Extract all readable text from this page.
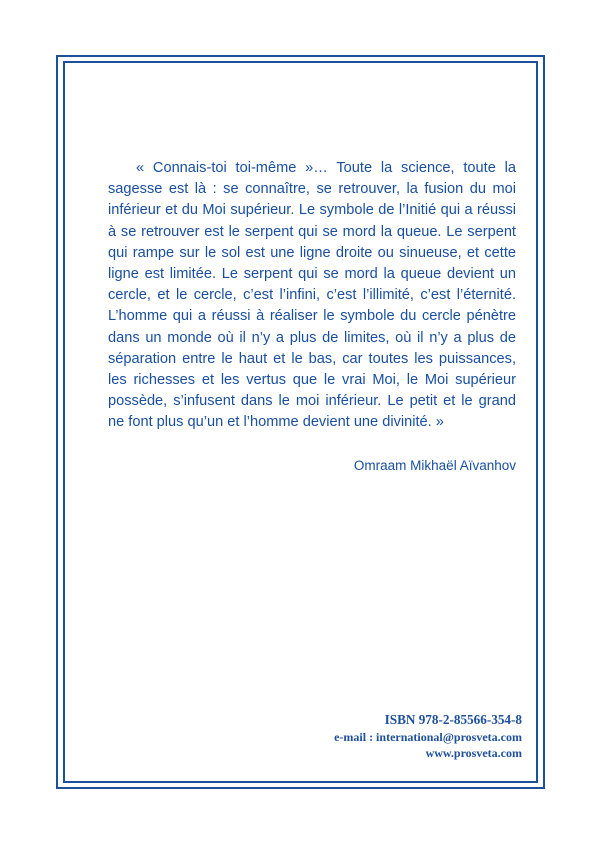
« Connais-toi toi-même »… Toute la science, toute la sagesse est là : se connaître, se retrouver, la fusion du moi inférieur et du Moi supérieur. Le symbole de l’Initié qui a réussi à se retrouver est le serpent qui se mord la queue. Le serpent qui rampe sur le sol est une ligne droite ou sinueuse, et cette ligne est limitée. Le serpent qui se mord la queue devient un cercle, et le cercle, c’est l’infini, c’est l’illimité, c’est l’éternité. L’homme qui a réussi à réaliser le symbole du cercle pénètre dans un monde où il n’y a plus de limites, où il n’y a plus de séparation entre le haut et le bas, car toutes les puissances, les richesses et les vertus que le vrai Moi, le Moi supérieur possède, s’infusent dans le moi inférieur. Le petit et le grand ne font plus qu’un et l’homme devient une divinité. »

Omraam Mikhaël Aïvanhov

ISBN 978-2-85566-354-8
e-mail : international@prosveta.com
www.prosveta.com
